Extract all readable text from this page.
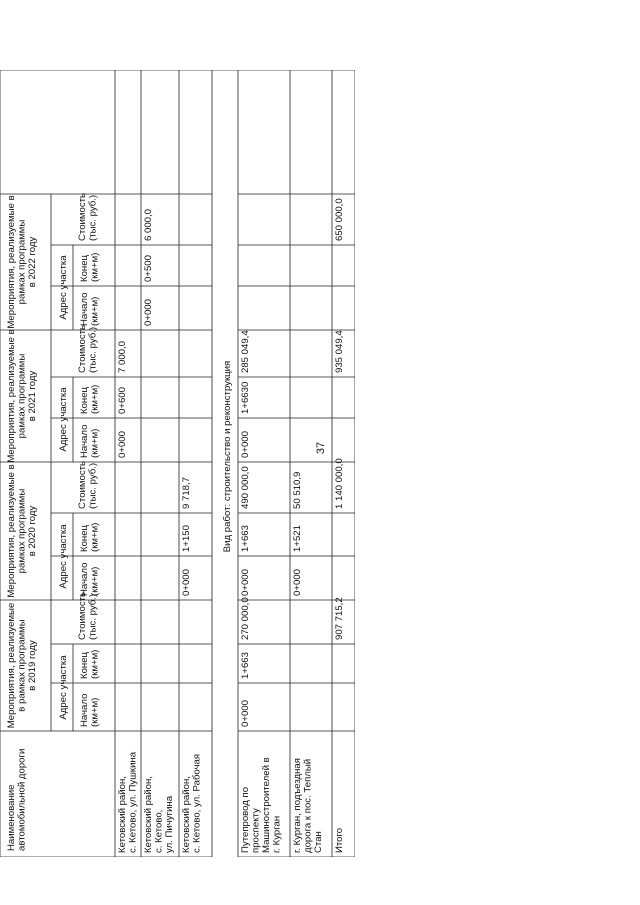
37
Наименованиеавтомобильной дороги
Мероприятия, реализуемыев рамках программыв 2019 году Адрес участка
Стоимость(тыс. руб.)
Начало(км+м)
Конец(км+м)
Мероприятия, реализуемые врамках программыв 2020 году Адрес участка
Стоимость(тыс. руб.)
Начало(км+м)
Конец(км+м)
Мероприятия, реализуемые врамках программыв 2021 году Адрес участка
Стоимость(тыс. руб.)
Начало(км+м)
Конец(км+м)
Мероприятия, реализуемые врамках программыв 2022 году Адрес участка
Стоимость(тыс. руб.)
Начало(км+м)
Конец(км+м)
Кетовский район,с. Кетово, ул. Пушкина
0+000
0+600
7 000,0
Кетовский район,с. Кетово,ул. Пичугина
0+000
0+500
6 000,0
Кетовский район,с. Кетово, ул. Рабочая
0+000
1+150
9 718,7	Вид работ: строительство и реконструкция
Путепровод попроспектуМашиностроителей вг. Курган
0+000
1+663
270 000,0
0+000
1+663
490 000,0
0+000
1+6630
285 049,4
г. Курган, подъезднаядорога к пос. ТеплыйСтан
0+000
1+521
50 510,9
Итого
907 715,2
1 140 000,0
935 049,4
650 000,0
